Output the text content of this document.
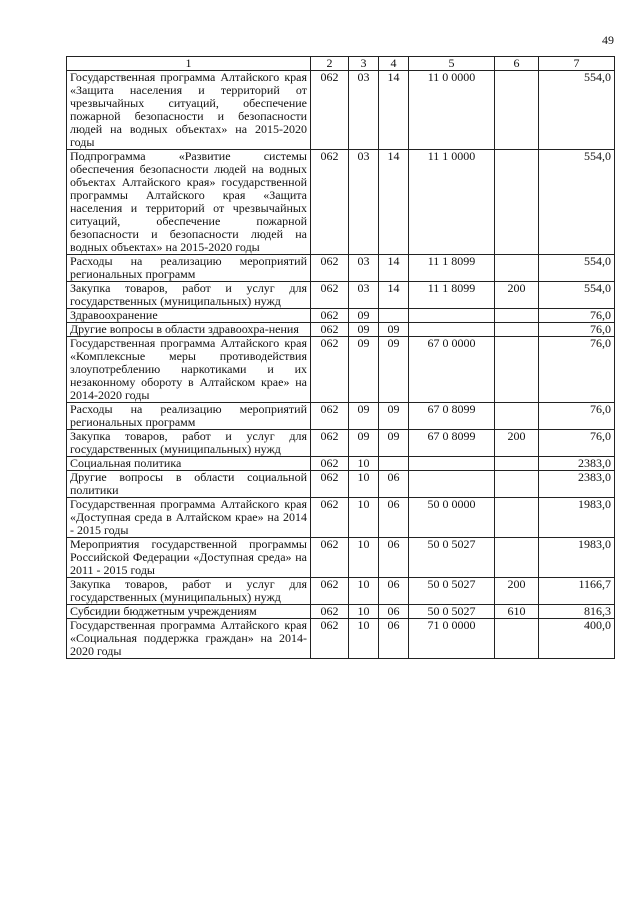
49
1	2	3	4	5	6	7
Государственная программа Алтайского края «Защита населения и территорий от чрезвычайных ситуаций, обеспечение пожарной безопасности и безопасности людей на водных объектах» на 2015-2020 годы	062	03	14	11 0 0000		554,0
Подпрограмма «Развитие системы обеспечения безопасности людей на водных объектах Алтайского края» государственной программы Алтайского края «Защита населения и территорий от чрезвычайных ситуаций, обеспечение пожарной безопасности и безопасности людей на водных объектах» на 2015-2020 годы	062	03	14	11 1 0000		554,0
Расходы на реализацию мероприятий региональных программ	062	03	14	11 1 8099		554,0
Закупка товаров, работ и услуг для государственных (муниципальных) нужд	062	03	14	11 1 8099	200	554,0
Здравоохранение	062	09				76,0
Другие вопросы в области здравоохра-нения	062	09	09			76,0
Государственная программа Алтайского края «Комплексные меры противодействия злоупотреблению наркотиками и их незаконному обороту в Алтайском крае» на 2014-2020 годы	062	09	09	67 0 0000		76,0
Расходы на реализацию мероприятий региональных программ	062	09	09	67 0 8099		76,0
Закупка товаров, работ и услуг для государственных (муниципальных) нужд	062	09	09	67 0 8099	200	76,0
Социальная политика	062	10				2383,0
Другие вопросы в области социальной политики	062	10	06			2383,0
Государственная программа Алтайского края «Доступная среда в Алтайском крае» на 2014 - 2015 годы	062	10	06	50 0 0000		1983,0
Мероприятия государственной программы Российской Федерации «Доступная среда» на 2011 - 2015 годы	062	10	06	50 0 5027		1983,0
Закупка товаров, работ и услуг для государственных (муниципальных) нужд	062	10	06	50 0 5027	200	1166,7
Субсидии бюджетным учреждениям	062	10	06	50 0 5027	610	816,3
Государственная программа Алтайского края «Социальная поддержка граждан» на 2014-2020 годы	062	10	06	71 0 0000		400,0
